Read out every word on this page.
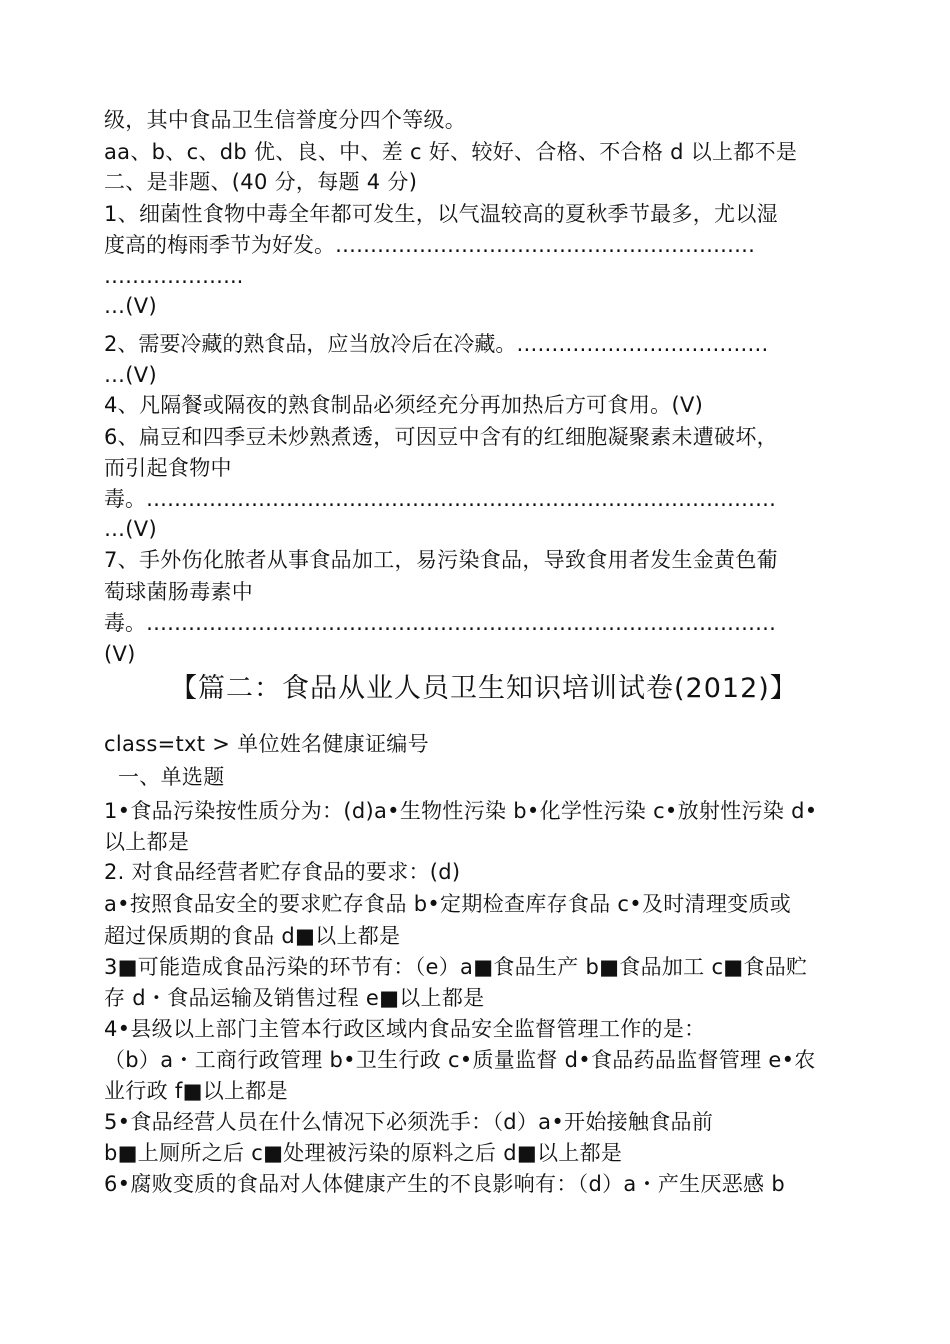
级，其中食品卫生信誉度分四个等级。
aa、b、c、db 优、良、中、差 c 好、较好、合格、不合格 d 以上都不是
二、是非题、(40 分，每题 4 分)
1、细菌性食物中毒全年都可发生，以气温较高的夏秋季节最多，尤以湿
度高的梅雨季节为好发。……………………………………………………
………………..
…(V)
2、需要冷藏的熟食品，应当放冷后在冷藏。………………………………
…(V)
4、凡隔餐或隔夜的熟食制品必须经充分再加热后方可食用。(V)
6、扁豆和四季豆未炒熟煮透，可因豆中含有的红细胞凝聚素未遭破坏，
而引起食物中
毒。………………………………………………………………………………
…(V)
7、手外伤化脓者从事食品加工，易污染食品，导致食用者发生金黄色葡
萄球菌肠毒素中
毒。………………………………………………………………………………
(V)
【篇二：食品从业人员卫生知识培训试卷(2012)】
class=txt > 单位姓名健康证编号
一、单选题
1•食品污染按性质分为：(d)a•生物性污染 b•化学性污染 c•放射性污染 d•
以上都是
2. 对食品经营者贮存食品的要求：(d)
a•按照食品安全的要求贮存食品 b•定期检查库存食品 c•及时清理变质或
超过保质期的食品 d■以上都是
3■可能造成食品污染的环节有：（e）a■食品生产 b■食品加工 c■食品贮
存 d・食品运输及销售过程 e■以上都是
4•县级以上部门主管本行政区域内食品安全监督管理工作的是：
（b）a・工商行政管理 b•卫生行政 c•质量监督 d•食品药品监督管理 e•农
业行政 f■以上都是
5•食品经营人员在什么情况下必须洗手：（d）a•开始接触食品前
b■上厕所之后 c■处理被污染的原料之后 d■以上都是
6•腐败变质的食品对人体健康产生的不良影响有：（d）a・产生厌恶感 b
